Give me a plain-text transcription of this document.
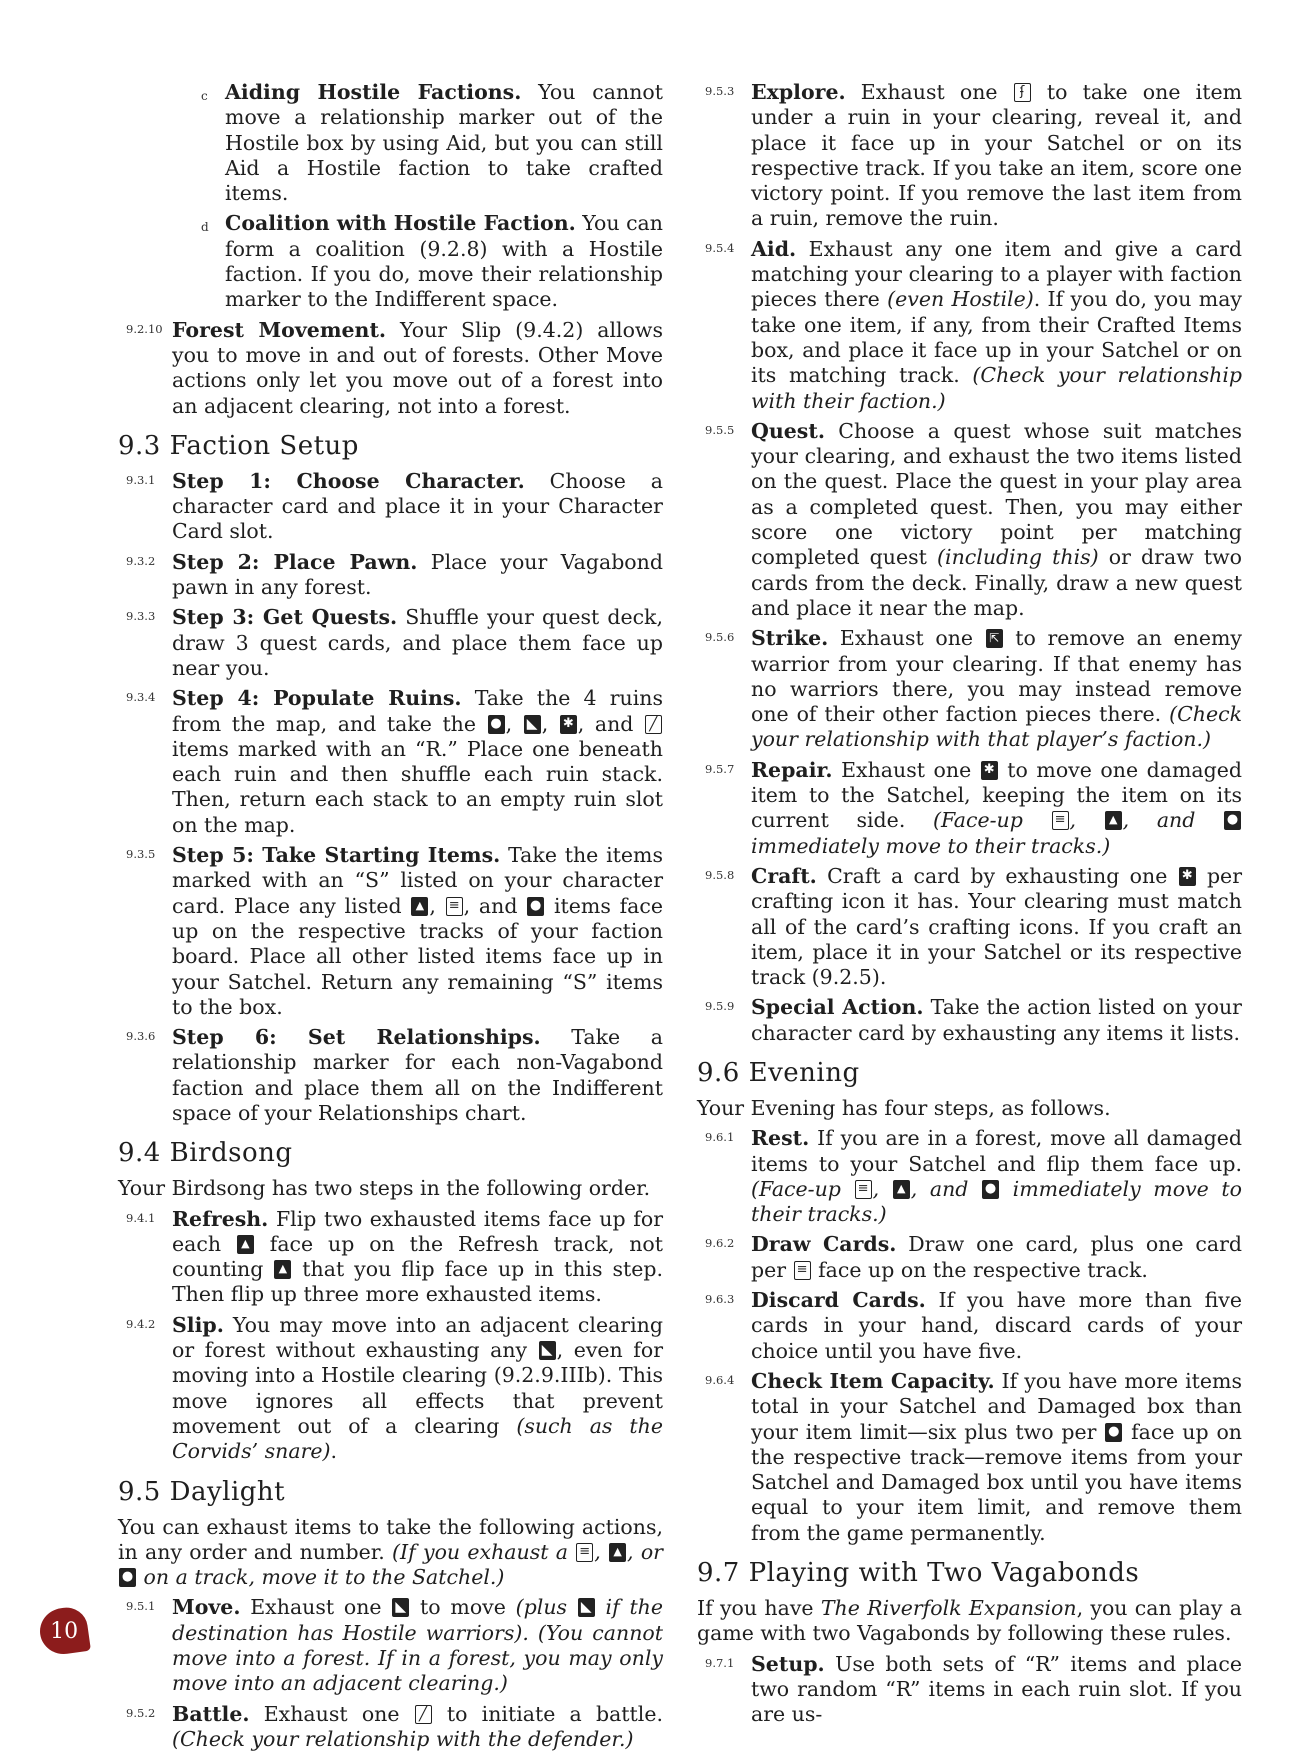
c Aiding Hostile Factions. You cannot move a relationship marker out of the Hostile box by using Aid, but you can still Aid a Hostile faction to take crafted items.
d Coalition with Hostile Faction. You can form a coalition (9.2.8) with a Hostile faction. If you do, move their relationship marker to the Indifferent space.
9.2.10 Forest Movement. Your Slip (9.4.2) allows you to move in and out of forests. Other Move actions only let you move out of a forest into an adjacent clearing, not into a forest.
9.3 Faction Setup
9.3.1 Step 1: Choose Character. Choose a character card and place it in your Character Card slot.
9.3.2 Step 2: Place Pawn. Place your Vagabond pawn in any forest.
9.3.3 Step 3: Get Quests. Shuffle your quest deck, draw 3 quest cards, and place them face up near you.
9.3.4 Step 4: Populate Ruins. Take the 4 ruins from the map, and take the ●, ◣, ✱, and ╱ items marked with an “R.” Place one beneath each ruin and then shuffle each ruin stack. Then, return each stack to an empty ruin slot on the map.
9.3.5 Step 5: Take Starting Items. Take the items marked with an “S” listed on your character card. Place any listed ▲, ≡, and ● items face up on the respective tracks of your faction board. Place all other listed items face up in your Satchel. Return any remaining “S” items to the box.
9.3.6 Step 6: Set Relationships. Take a relationship marker for each non-Vagabond faction and place them all on the Indifferent space of your Relationships chart.
9.4 Birdsong

Your Birdsong has two steps in the following order.

9.4.1 Refresh. Flip two exhausted items face up for each ▲ face up on the Refresh track, not counting ▲ that you flip face up in this step. Then flip up three more exhausted items.
9.4.2 Slip. You may move into an adjacent clearing or forest without exhausting any ◣, even for moving into a Hostile clearing (9.2.9.IIIb). This move ignores all effects that prevent movement out of a clearing (such as the Corvids’ snare).
9.5 Daylight

You can exhaust items to take the following actions, in any order and number. (If you exhaust a ≡, ▲, or ● on a track, move it to the Satchel.)

9.5.1 Move. Exhaust one ◣ to move (plus ◣ if the destination has Hostile warriors). (You cannot move into a forest. If in a forest, you may only move into an adjacent clearing.)
9.5.2 Battle. Exhaust one ╱ to initiate a battle. (Check your relationship with the defender.)
9.5.3 Explore. Exhaust one ʄ to take one item under a ruin in your clearing, reveal it, and place it face up in your Satchel or on its respective track. If you take an item, score one victory point. If you remove the last item from a ruin, remove the ruin.
9.5.4 Aid. Exhaust any one item and give a card matching your clearing to a player with faction pieces there (even Hostile). If you do, you may take one item, if any, from their Crafted Items box, and place it face up in your Satchel or on its matching track. (Check your relationship with their faction.)
9.5.5 Quest. Choose a quest whose suit matches your clearing, and exhaust the two items listed on the quest. Place the quest in your play area as a completed quest. Then, you may either score one victory point per matching completed quest (including this) or draw two cards from the deck. Finally, draw a new quest and place it near the map.
9.5.6 Strike. Exhaust one ⇱ to remove an enemy warrior from your clearing. If that enemy has no warriors there, you may instead remove one of their other faction pieces there. (Check your relationship with that player’s faction.)
9.5.7 Repair. Exhaust one ✱ to move one damaged item to the Satchel, keeping the item on its current side. (Face-up ≡, ▲, and ● immediately move to their tracks.)
9.5.8 Craft. Craft a card by exhausting one ✱ per crafting icon it has. Your clearing must match all of the card’s crafting icons. If you craft an item, place it in your Satchel or its respective track (9.2.5).
9.5.9 Special Action. Take the action listed on your character card by exhausting any items it lists.
9.6 Evening

Your Evening has four steps, as follows.

9.6.1 Rest. If you are in a forest, move all damaged items to your Satchel and flip them face up. (Face-up ≡, ▲, and ● immediately move to their tracks.)
9.6.2 Draw Cards. Draw one card, plus one card per ≡ face up on the respective track.
9.6.3 Discard Cards. If you have more than five cards in your hand, discard cards of your choice until you have five.
9.6.4 Check Item Capacity. If you have more items total in your Satchel and Damaged box than your item limit—six plus two per ● face up on the respective track—remove items from your Satchel and Damaged box until you have items equal to your item limit, and remove them from the game permanently.
9.7 Playing with Two Vagabonds

If you have The Riverfolk Expansion, you can play a game with two Vagabonds by following these rules.

9.7.1 Setup. Use both sets of “R” items and place two random “R” items in each ruin slot. If you are us-
10
